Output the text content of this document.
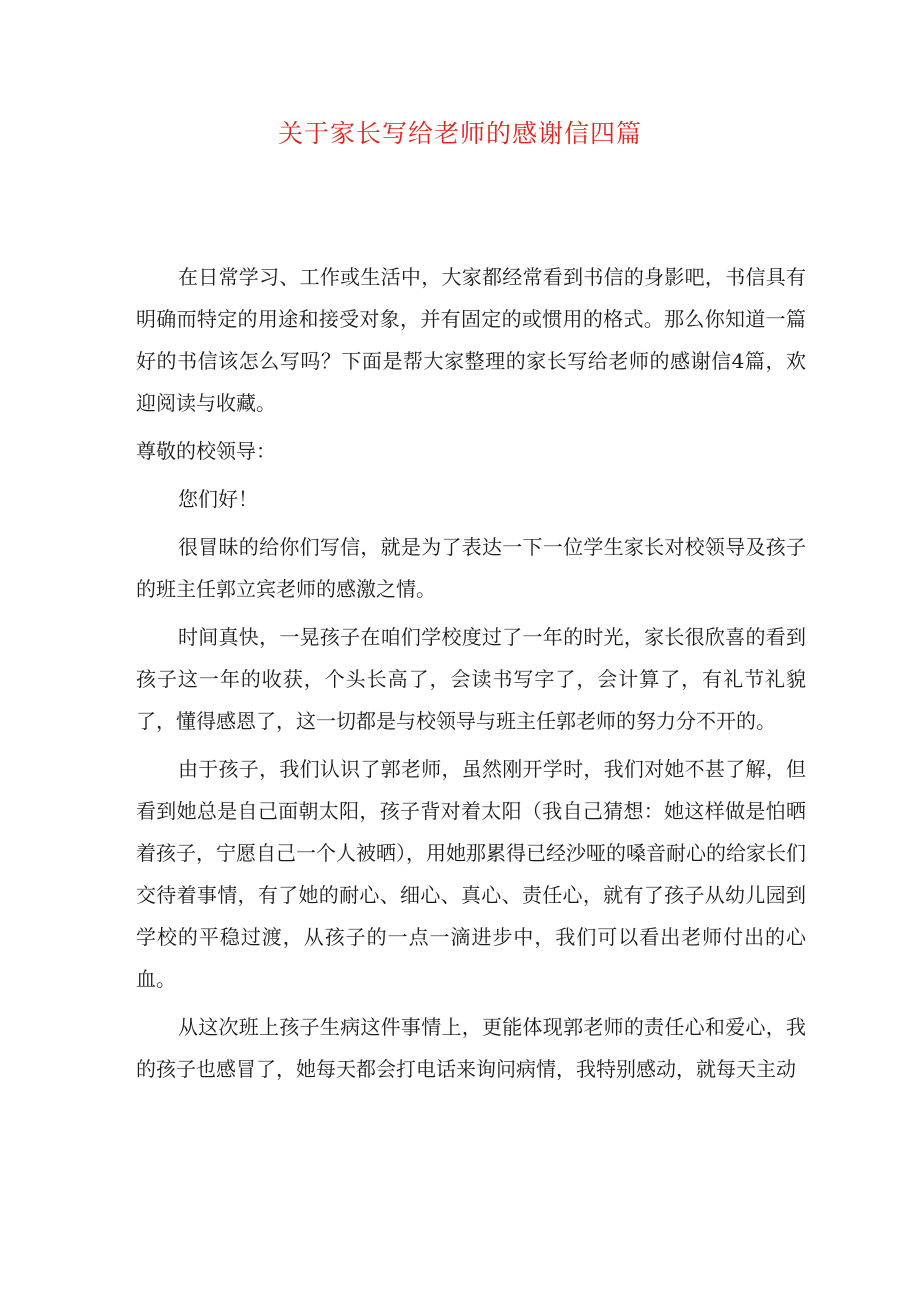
关于家长写给老师的感谢信四篇

在日常学习、工作或生活中，大家都经常看到书信的身影吧，书信具有明确而特定的用途和接受对象，并有固定的或惯用的格式。那么你知道一篇好的书信该怎么写吗？下面是帮大家整理的家长写给老师的感谢信4篇，欢迎阅读与收藏。

尊敬的校领导：

您们好！

很冒昧的给你们写信，就是为了表达一下一位学生家长对校领导及孩子的班主任郭立宾老师的感激之情。

时间真快，一晃孩子在咱们学校度过了一年的时光，家长很欣喜的看到孩子这一年的收获，个头长高了，会读书写字了，会计算了，有礼节礼貌了，懂得感恩了，这一切都是与校领导与班主任郭老师的努力分不开的。

由于孩子，我们认识了郭老师，虽然刚开学时，我们对她不甚了解，但看到她总是自己面朝太阳，孩子背对着太阳（我自己猜想：她这样做是怕晒着孩子，宁愿自己一个人被晒），用她那累得已经沙哑的嗓音耐心的给家长们交待着事情，有了她的耐心、细心、真心、责任心，就有了孩子从幼儿园到学校的平稳过渡，从孩子的一点一滴进步中，我们可以看出老师付出的心血。

从这次班上孩子生病这件事情上，更能体现郭老师的责任心和爱心，我的孩子也感冒了，她每天都会打电话来询问病情，我特别感动，就每天主动
